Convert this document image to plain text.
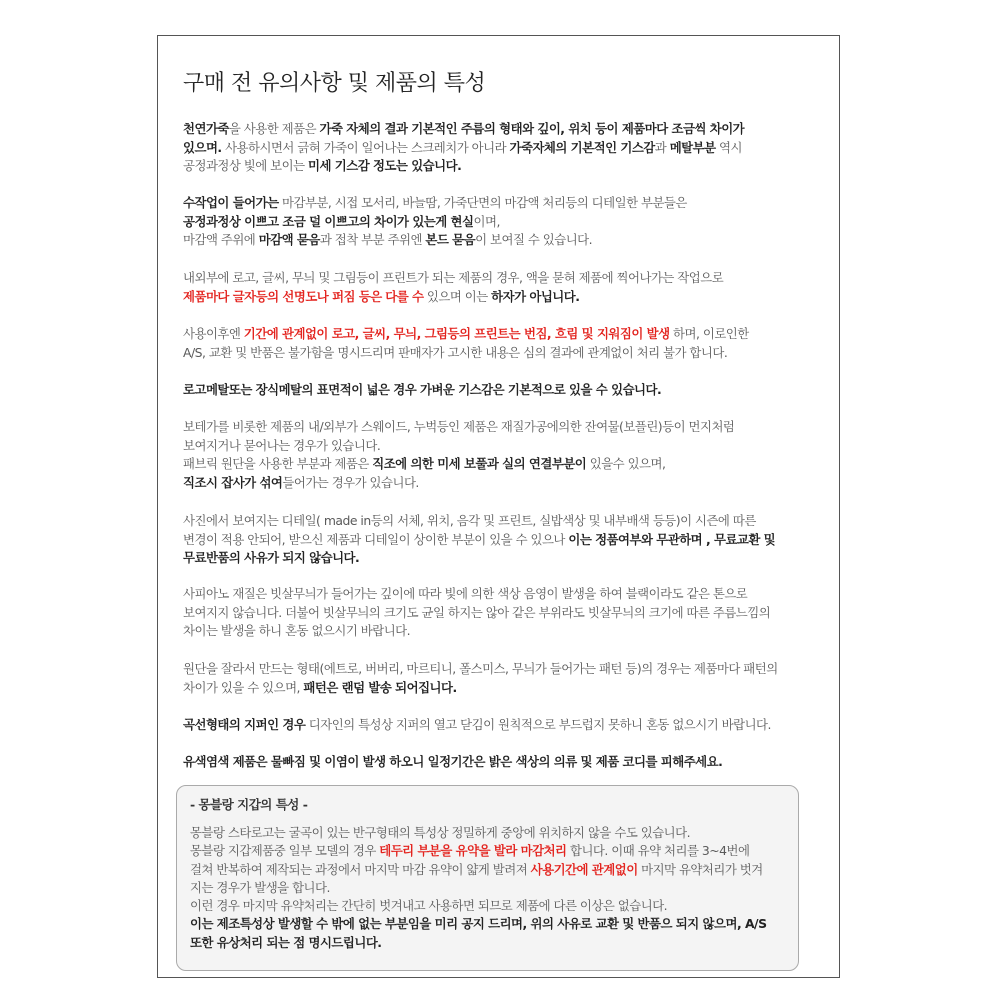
구매 전 유의사항 및 제품의 특성
천연가죽을 사용한 제품은 가죽 자체의 결과 기본적인 주름의 형태와 깊이, 위치 등이 제품마다 조금씩 차이가
있으며. 사용하시면서 긁혀 가죽이 일어나는 스크레치가 아니라 가죽자체의 기본적인 기스감과 메탈부분 역시
공정과정상 빛에 보이는 미세 기스감 정도는 있습니다.
수작업이 들어가는 마감부분, 시접 모서리, 바늘땀, 가죽단면의 마감액 처리등의 디테일한 부분들은
공정과정상 이쁘고 조금 덜 이쁘고의 차이가 있는게 현실이며,
마감액 주위에 마감액 묻음과 접착 부분 주위엔 본드 묻음이 보여질 수 있습니다.
내외부에 로고, 글씨, 무늬 및 그림등이 프린트가 되는 제품의 경우, 액을 묻혀 제품에 찍어나가는 작업으로
제품마다 글자등의 선명도나 퍼짐 등은 다를 수 있으며 이는 하자가 아닙니다.
사용이후엔 기간에 관계없이 로고, 글씨, 무늬, 그림등의 프린트는 번짐, 흐림 및 지워짐이 발생 하며, 이로인한
A/S, 교환 및 반품은 불가함을 명시드리며 판매자가 고시한 내용은 심의 결과에 관계없이 처리 불가 합니다.
로고메탈또는 장식메탈의 표면적이 넓은 경우 가벼운 기스감은 기본적으로 있을 수 있습니다.
보테가를 비롯한 제품의 내/외부가 스웨이드, 누벅등인 제품은 재질가공에의한 잔여물(보플린)등이 먼지처럼
보여지거나 묻어나는 경우가 있습니다.
패브릭 원단을 사용한 부분과 제품은 직조에 의한 미세 보풀과 실의 연결부분이 있을수 있으며,
직조시 잡사가 섞여들어가는 경우가 있습니다.
사진에서 보여지는 디테일( made in등의 서체, 위치, 음각 및 프린트, 실밥색상 및 내부배색 등등)이 시즌에 따른
변경이 적용 안되어, 받으신 제품과 디테일이 상이한 부분이 있을 수 있으나 이는 정품여부와 무관하며 , 무료교환 및
무료반품의 사유가 되지 않습니다.
사피아노 재질은 빗살무늬가 들어가는 깊이에 따라 빛에 의한 색상 음영이 발생을 하여 블랙이라도 같은 톤으로
보여지지 않습니다. 더불어 빗살무늬의 크기도 균일 하지는 않아 같은 부위라도 빗살무늬의 크기에 따른 주름느낌의
차이는 발생을 하니 혼동 없으시기 바랍니다.
원단을 잘라서 만드는 형태(에트로, 버버리, 마르티니, 폴스미스, 무늬가 들어가는 패턴 등)의 경우는 제품마다 패턴의
차이가 있을 수 있으며, 패턴은 랜덤 발송 되어집니다.
곡선형태의 지퍼인 경우 디자인의 특성상 지퍼의 열고 닫김이 원칙적으로 부드럽지 못하니 혼동 없으시기 바랍니다.
유색염색 제품은 물빠짐 및 이염이 발생 하오니 일정기간은 밝은 색상의 의류 및 제품 코디를 피해주세요.
- 몽블랑 지갑의 특성 -
몽블랑 스타로고는 굴곡이 있는 반구형태의 특성상 정밀하게 중앙에 위치하지 않을 수도 있습니다.
몽블랑 지갑제품중 일부 모델의 경우 테두리 부분을 유약을 발라 마감처리 합니다. 이때 유약 처리를 3~4번에
걸쳐 반복하여 제작되는 과정에서 마지막 마감 유약이 얇게 발려져 사용기간에 관계없이 마지막 유약처리가 벗겨
지는 경우가 발생을 합니다.
이런 경우 마지막 유약처리는 간단히 벗겨내고 사용하면 되므로 제품에 다른 이상은 없습니다.
이는 제조특성상 발생할 수 밖에 없는 부분임을 미리 공지 드리며, 위의 사유로 교환 및 반품으 되지 않으며, A/S
또한 유상처리 되는 점 명시드립니다.
